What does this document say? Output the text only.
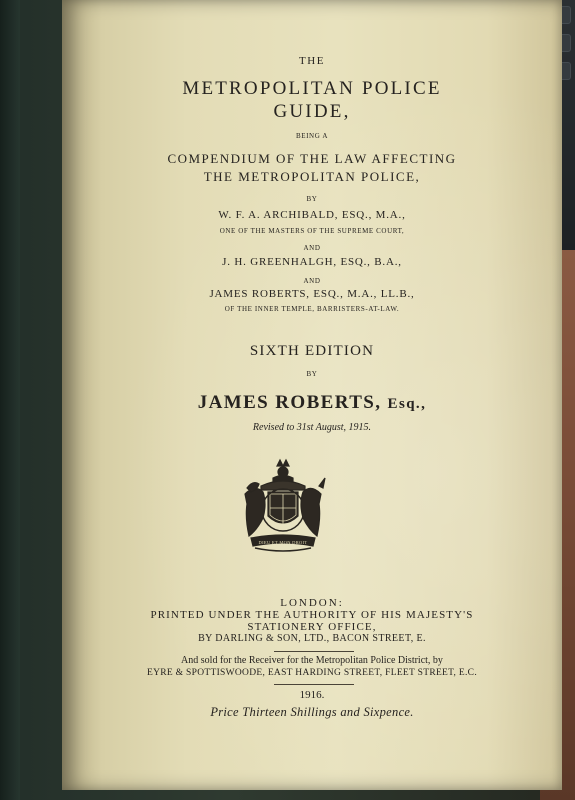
THE
METROPOLITAN POLICE
GUIDE,
BEING A
COMPENDIUM OF THE LAW AFFECTING
THE METROPOLITAN POLICE,
BY
W. F. A. ARCHIBALD, ESQ., M.A.,
ONE OF THE MASTERS OF THE SUPREME COURT,
AND
J. H. GREENHALGH, ESQ., B.A.,
AND
JAMES ROBERTS, ESQ., M.A., LL.B.,
OF THE INNER TEMPLE, BARRISTERS-AT-LAW.
SIXTH EDITION
BY
JAMES ROBERTS, Esq.,
Revised to 31st August, 1915.
DIEU ET MON DROIT
LONDON:
PRINTED UNDER THE AUTHORITY OF HIS MAJESTY'S
STATIONERY OFFICE,
BY DARLING & SON, LTD., BACON STREET, E.
And sold for the Receiver for the Metropolitan Police District, by
EYRE & SPOTTISWOODE, EAST HARDING STREET, FLEET STREET, E.C.
1916.
Price Thirteen Shillings and Sixpence.
